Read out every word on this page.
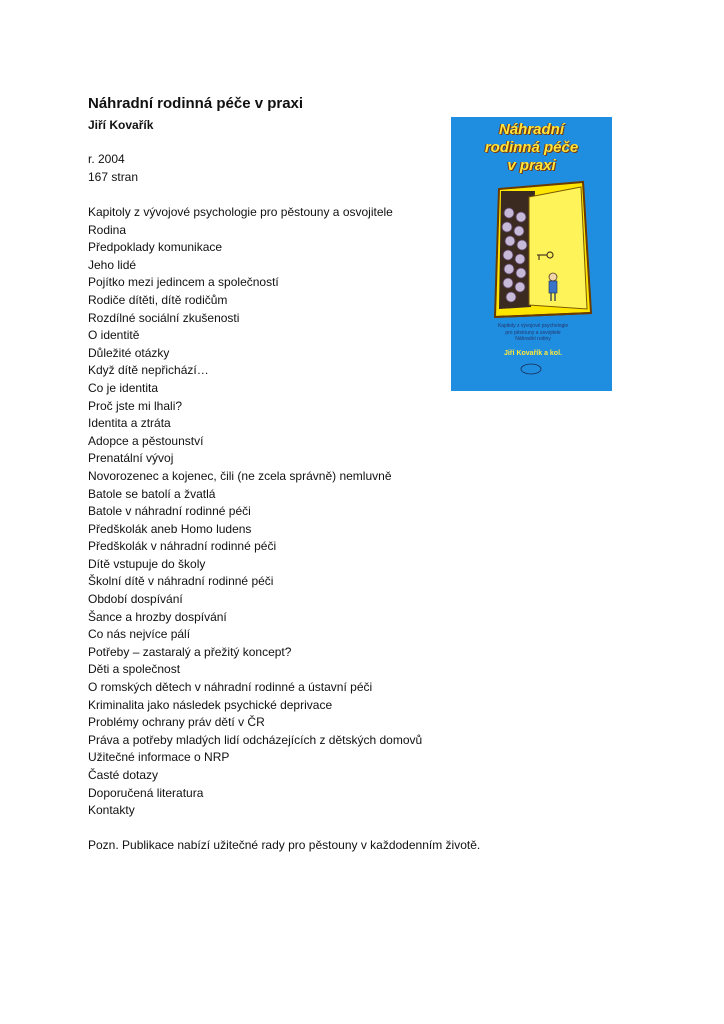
Náhradní rodinná péče v praxi
Jiří Kovařík
r. 2004
167 stran
Kapitoly z vývojové psychologie pro pěstouny a osvojitele
Rodina
Předpoklady komunikace
Jeho lidé
Pojítko mezi jedincem a společností
Rodiče dítěti, dítě rodičům
Rozdílné sociální zkušenosti
O identitě
Důležité otázky
Když dítě nepřichází…
Co je identita
Proč jste mi lhali?
Identita a ztráta
Adopce a pěstounství
Prenatální vývoj
Novorozenec a kojenec, čili (ne zcela správně) nemluvně
Batole se batolí a žvatlá
Batole v náhradní rodinné péči
Předškolák aneb Homo ludens
Předškolák v náhradní rodinné péči
Dítě vstupuje do školy
Školní dítě v náhradní rodinné péči
Období dospívání
Šance a hrozby dospívání
Co nás nejvíce pálí
Potřeby – zastaralý a přežitý koncept?
Děti a společnost
O romských dětech v náhradní rodinné a ústavní péči
Kriminalita jako následek psychické deprivace
Problémy ochrany práv dětí v ČR
Práva a potřeby mladých lidí odcházejících z dětských domovů
Užitečné informace o NRP
Časté dotazy
Doporučená literatura
Kontakty
Pozn. Publikace nabízí užitečné rady pro pěstouny v každodenním životě.
Náhradní
rodinná péče
v praxi
Kapitoly z vývojové psychologie
pro pěstouny a osvojitele
Náhradní rodiny
Jiří Kovařík a kol.
